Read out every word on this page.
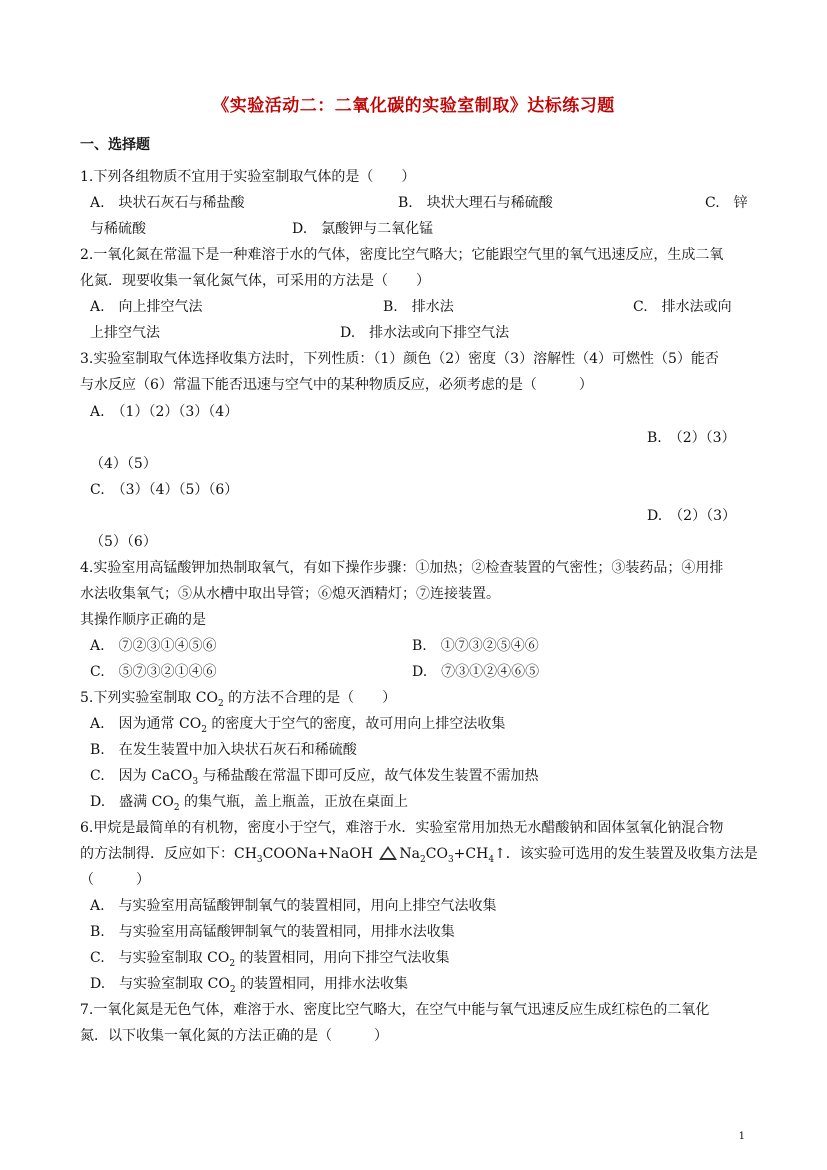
《实验活动二：二氧化碳的实验室制取》达标练习题
一、选择题
1.下列各组物质不宜用于实验室制取气体的是（　　）
A.　块状石灰石与稀盐酸	B.　块状大理石与稀硫酸	C.　锌
与稀硫酸	D.　氯酸钾与二氧化锰
2.一氧化氮在常温下是一种难溶于水的气体，密度比空气略大；它能跟空气里的氧气迅速反应，生成二氧
化氮．现要收集一氧化氮气体，可采用的方法是（　　）
A.　向上排空气法	B.　排水法	C.　排水法或向
上排空气法	D.　排水法或向下排空气法
3.实验室制取气体选择收集方法时，下列性质：（1）颜色（2）密度（3）溶解性（4）可燃性（5）能否
与水反应（6）常温下能否迅速与空气中的某种物质反应，必须考虑的是（　　　）
A.　（1）（2）（3）（4）
B.　（2）（3）
（4）（5）
C.　（3）（4）（5）（6）
D.　（2）（3）
（5）（6）
4.实验室用高锰酸钾加热制取氧气，有如下操作步骤：①加热；②检查装置的气密性；③装药品；④用排
水法收集氧气；⑤从水槽中取出导管；⑥熄灭酒精灯；⑦连接装置。
其操作顺序正确的是
A.　⑦②③①④⑤⑥	B.　①⑦③②⑤④⑥
C.　⑤⑦③②①④⑥	D.　⑦③①②④⑥⑤
5.下列实验室制取 $CO_2$ 的方法不合理的是（　　）
A.　因为通常 $CO_2$ 的密度大于空气的密度，故可用向上排空法收集
B.　在发生装置中加入块状石灰石和稀硫酸
C.　因为 CaCO$_3$ 与稀盐酸在常温下即可反应，故气体发生装置不需加热
D.　盛满 $CO_2$ 的集气瓶，盖上瓶盖，正放在桌面上
6.甲烷是最简单的有机物，密度小于空气，难溶于水．实验室常用加热无水醋酸钠和固体氢氧化钠混合物
的方法制得．反应如下：$CH_3COONa+NaOH$ $Na_2CO_3+CH_4↑$．该实验可选用的发生装置及收集方法是
（　　　）
A.　与实验室用高锰酸钾制氧气的装置相同，用向上排空气法收集
B.　与实验室用高锰酸钾制氧气的装置相同，用排水法收集
C.　与实验室制取 $CO_2$ 的装置相同，用向下排空气法收集
D.　与实验室制取 $CO_2$ 的装置相同，用排水法收集
7.一氧化氮是无色气体，难溶于水、密度比空气略大，在空气中能与氧气迅速反应生成红棕色的二氧化
氮．以下收集一氧化氮的方法正确的是（　　　）
1
